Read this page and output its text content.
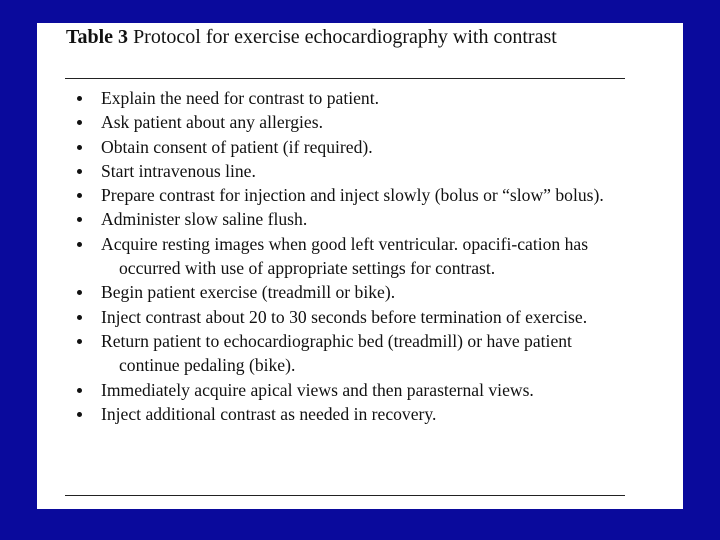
Table 3 Protocol for exercise echocardiography with contrast
Explain the need for contrast to patient.
Ask patient about any allergies.
Obtain consent of patient (if required).
Start intravenous line.
Prepare contrast for injection and inject slowly (bolus or “slow” bolus).
Administer slow saline flush.
Acquire resting images when good left ventricular. opacifi-cation has occurred with use of appropriate settings for contrast.
Begin patient exercise (treadmill or bike).
Inject contrast about 20 to 30 seconds before termination of exercise.
Return patient to echocardiographic bed (treadmill) or have patient continue pedaling (bike).
Immediately acquire apical views and then parasternal views.
Inject additional contrast as needed in recovery.
